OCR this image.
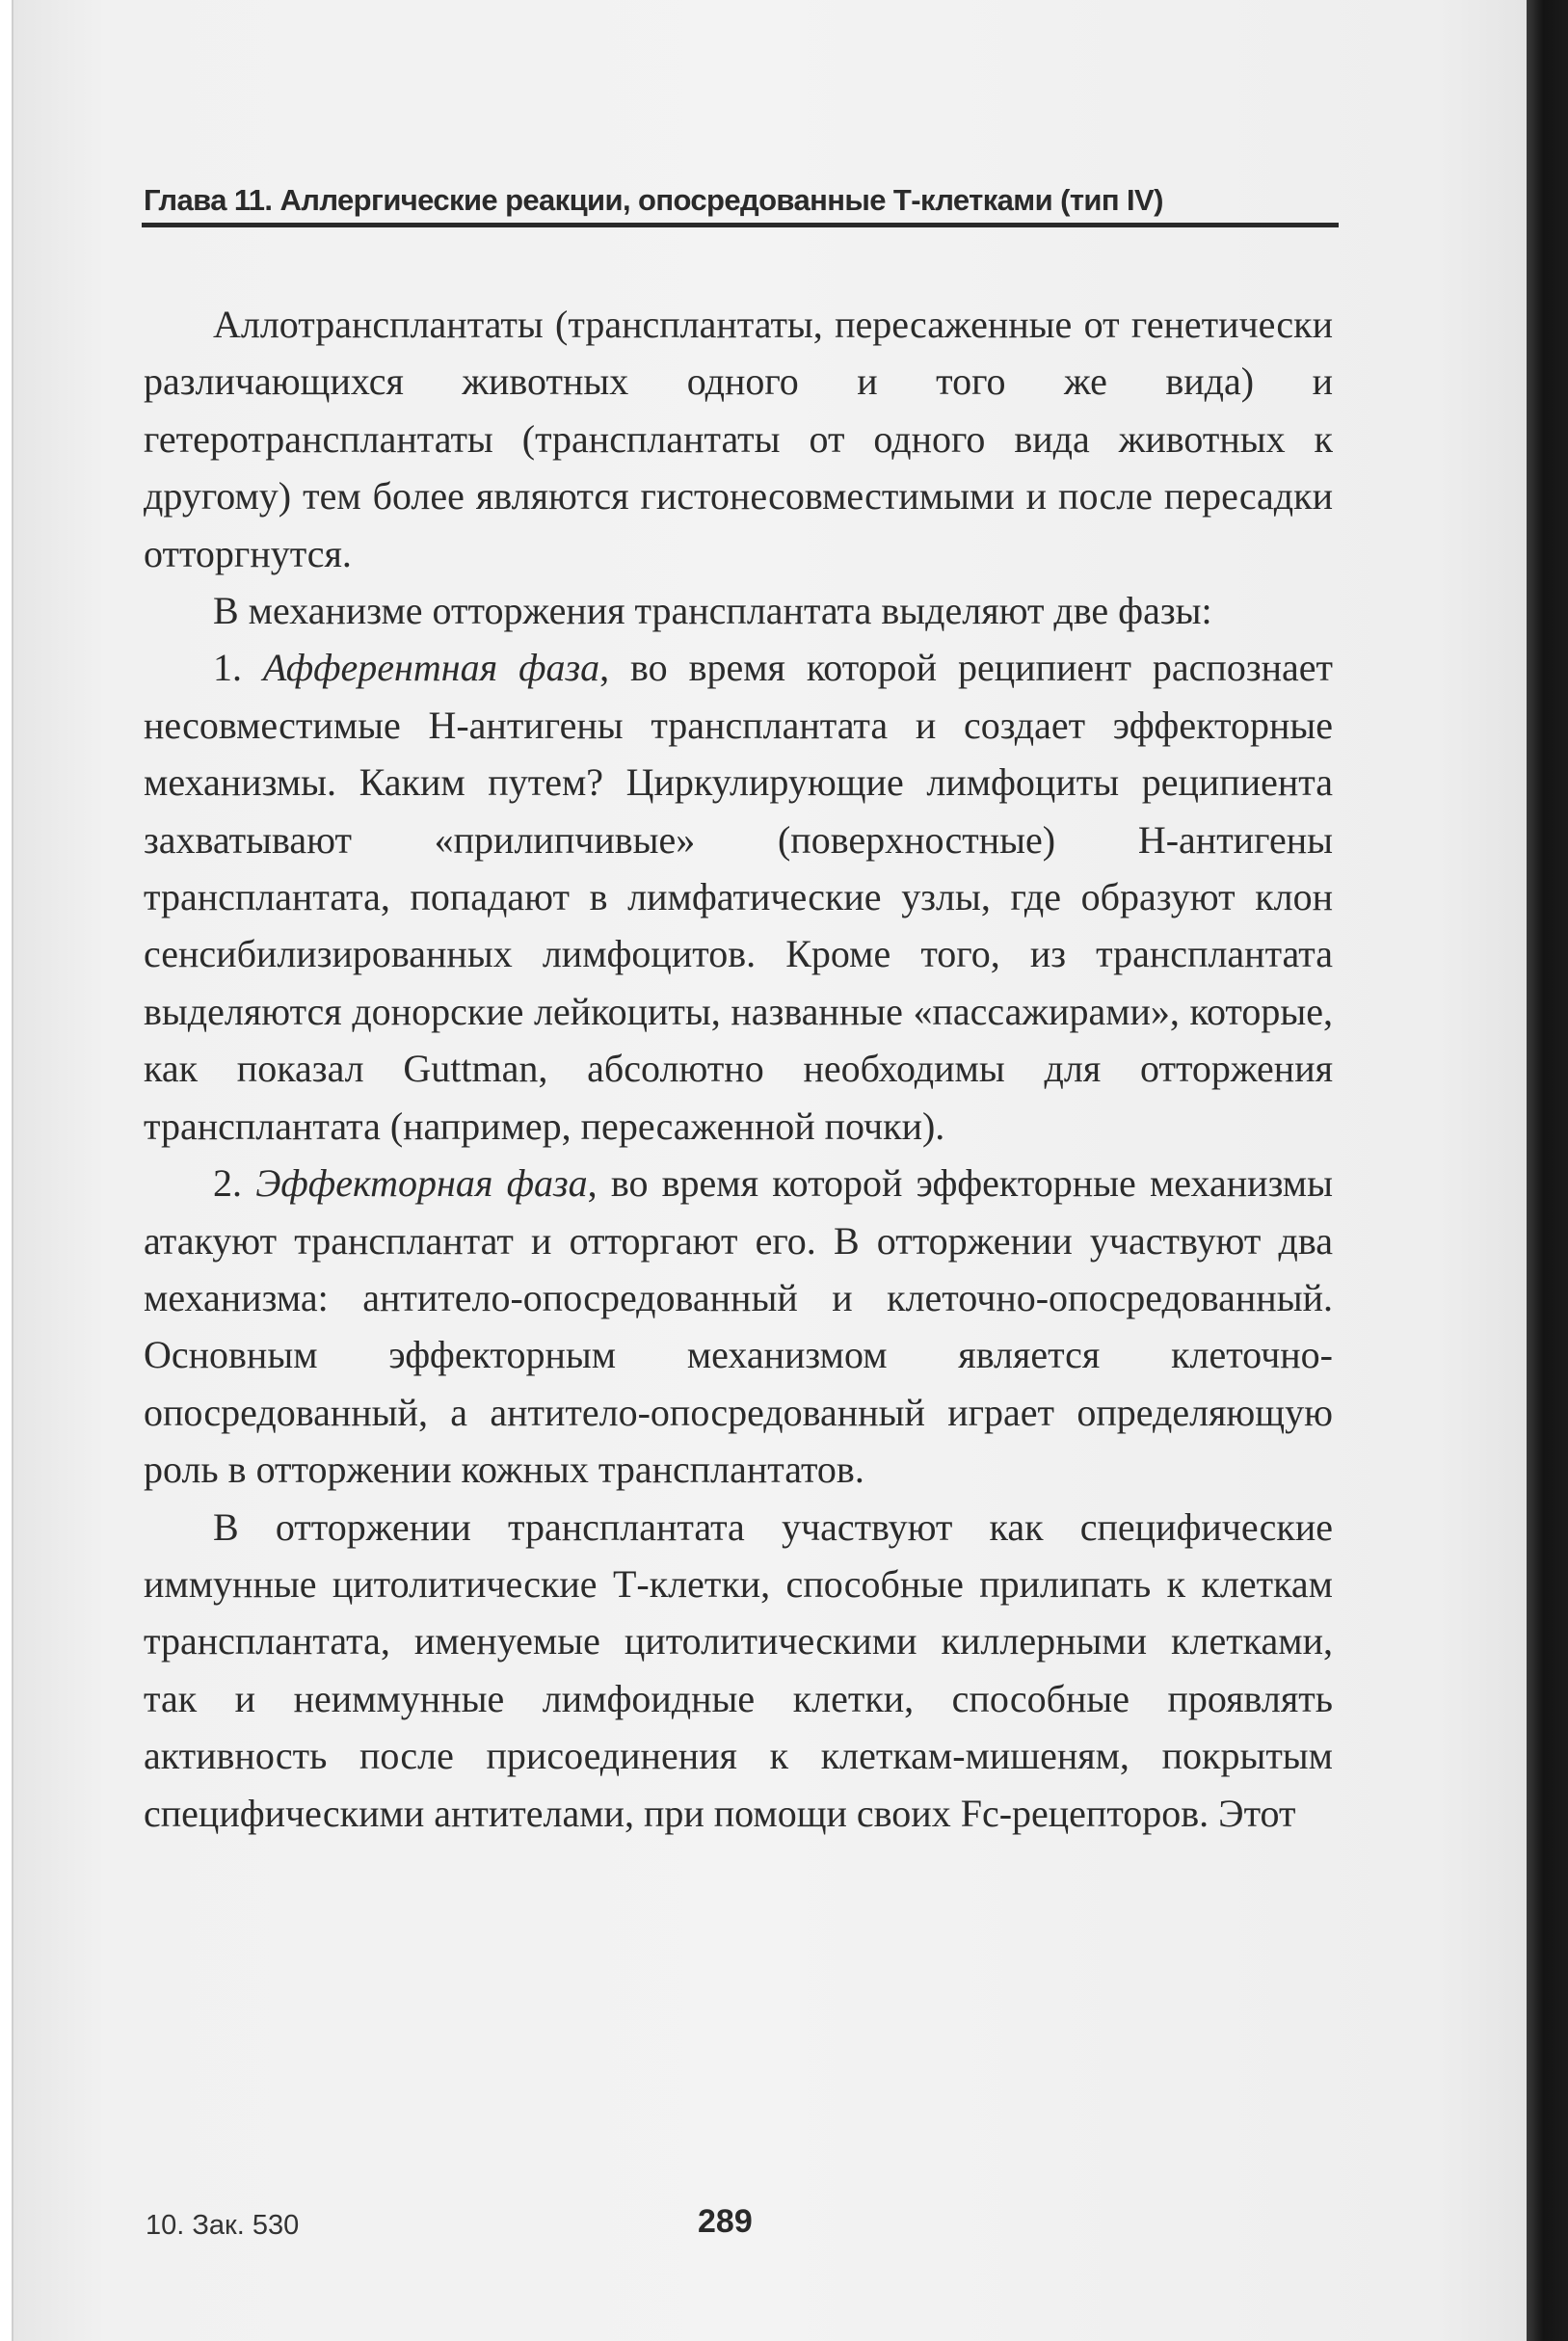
Глава 11. Аллергические реакции, опосредованные Т-клетками (тип IV)

Аллотрансплантаты (трансплантаты, пересаженные от генетически различающихся животных одного и того же вида) и гетеротрансплантаты (трансплантаты от одного вида животных к другому) тем более являются гистонесовместимыми и после пересадки отторгнутся.

В механизме отторжения трансплантата выделяют две фазы:

1. Афферентная фаза, во время которой реципиент распознает несовместимые Н-антигены трансплантата и создает эффекторные механизмы. Каким путем? Циркулирующие лимфоциты реципиента захватывают «прилипчивые» (поверхностные) Н-антигены трансплантата, попадают в лимфатические узлы, где образуют клон сенсибилизированных лимфоцитов. Кроме того, из трансплантата выделяются донорские лейкоциты, названные «пассажирами», которые, как показал Guttman, абсолютно необходимы для отторжения трансплантата (например, пересаженной почки).

2. Эффекторная фаза, во время которой эффекторные механизмы атакуют трансплантат и отторгают его. В отторжении участвуют два механизма: антитело-опосредованный и клеточно-опосредованный. Основным эффекторным механизмом является клеточно-опосредованный, а антитело-опосредованный играет определяющую роль в отторжении кожных трансплантатов.

В отторжении трансплантата участвуют как специфические иммунные цитолитические Т-клетки, способные прилипать к клеткам трансплантата, именуемые цитолитическими киллерными клетками, так и неиммунные лимфоидные клетки, способные проявлять активность после присоединения к клеткам-мишеням, покрытым специфическими антителами, при помощи своих Fc-рецепторов. Этот

10. Зак. 530	289
